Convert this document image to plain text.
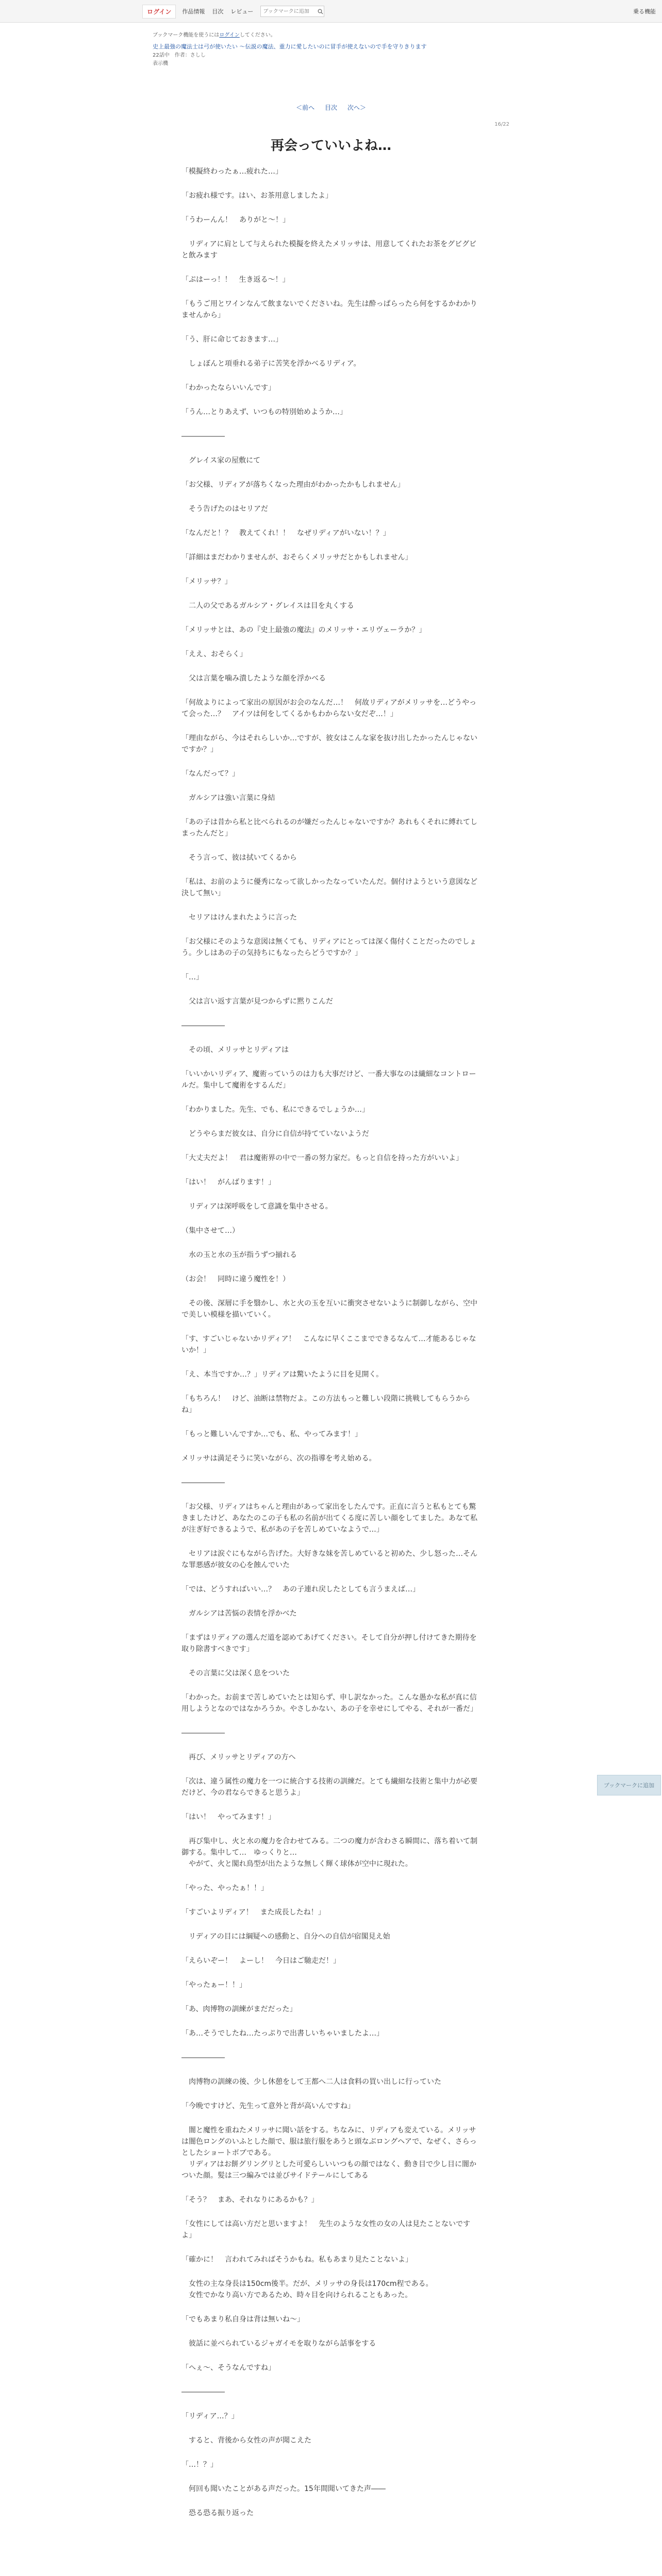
ログイン	作品情報 目次 レビュー
ブックマークに追加	乗る機能
ブックマーク機能を使うにはログインしてください。
史上最強の魔法士は弓が使いたい 〜伝説の魔法、重力に愛したいのに冒手が使えないので手を守りきります
22話中　作者：さしし
表示機
＜前へ 目次 次へ＞
16/22
再会っていいよね…

「模擬終わったぁ…疲れた…」

「お疲れ様です。はい、お茶用意しましたよ」

「うわーんん！　ありがと〜！」

　リディアに肩として与えられた模擬を終えたメリッサは、用意してくれたお茶をグビグビと飲みます

「ぷはーっ！！　生き返る〜！」

「もうご用とワインなんて飲まないでくださいね。先生は酔っぱらったら何をするかわかりませんから」

「う、肝に命じておきます…」

　しょぼんと項垂れる弟子に苦笑を浮かべるリディア。

「わかったならいいんです」

「うん…とりあえず、いつもの特別始めようか…」

――――――

　グレイス家の屋敷にて

「お父様、リディアが落ちくなった理由がわかったかもしれません」

　そう告げたのはセリアだ

「なんだと！？　教えてくれ！！　なぜリディアがいない！？」

「詳細はまだわかりませんが、おそらくメリッサだとかもしれません」

「メリッサ？」

　二人の父であるガルシア・グレイスは目を丸くする

「メリッサとは、あの『史上最強の魔法』のメリッサ・エリヴェーラか？」

「ええ、おそらく」

　父は言葉を噛み潰したような顔を浮かべる

「何故よりによって家出の原因がお会のなんだ…！　何故リディアがメリッサを…どうやって会った…？　アイツは何をしてくるかもわからない女だぞ…！」

「理由ながら、今はそれらしいか…ですが、彼女はこんな家を抜け出したかったんじゃないですか？」

「なんだって？」

　ガルシアは強い言葉に身結

「あの子は昔から私と比べられるのが嫌だったんじゃないですか？あれもくそれに縛れてしまったんだと」

　そう言って、彼は拭いてくるから

「私は、お前のように優秀になって欲しかったなっていたんだ。個付けようという意図など決して無い」

　セリアはけんまれたように言った

「お父様にそのような意図は無くても、リディアにとっては深く傷付くことだったのでしょう。少しはあの子の気持ちにもなったらどうですか？」

「…」

　父は言い返す言葉が見つからずに黙りこんだ

――――――

　その頃、メリッサとリディアは

「いいかいリディア、魔術っていうのは力も大事だけど、一番大事なのは繊細なコントロールだ。集中して魔術をするんだ」

「わかりました。先生、でも、私にできるでしょうか…」

　どうやらまだ彼女は、自分に自信が持てていないようだ

「大丈夫だよ！　君は魔術界の中で一番の努力家だ。もっと自信を持った方がいいよ」

「はい！　がんばります！」

　リディアは深呼吸をして意識を集中させる。

（集中させて…）

　水の玉と水の玉が指うずつ揃れる

（お会！　同時に違う魔性を！）

　その後、深層に手を翳かし、水と火の玉を互いに衝突させないように制御しながら、空中で美しい模様を描いていく。

「す、すごいじゃないかリディア！　こんなに早くここまでできるなんて…才能あるじゃないか！」

「え、本当ですか…？」リディアは驚いたように目を見開く。

「もちろん！　けど、油断は禁物だよ。この方法もっと難しい段階に挑戦してもらうからね」

「もっと難しいんですか…でも、私、やってみます！」

メリッサは満足そうに笑いながら、次の指導を考え始める。

――――――

「お父様、リディアはちゃんと理由があって家出をしたんです。正直に言うと私もとても驚きましたけど、あなたのこの子も私の名前が出てくる度に苦しい顔をしてました。あなて私が注ぎ好できるようで、私があの子を苦しめていなようで…」

　セリアは涙ぐにもながら告げた。大好きな妹を苦しめていると初めた、少し怒った…そんな罪悪感が彼女の心を蝕んでいた

「では、どうすればいい…？　あの子連れ戻したとしても言うまえば…」

　ガルシアは苦悩の表情を浮かべた

「まずはリディアの選んだ道を認めてあげてください。そして自分が押し付けてきた期待を取り除書すべきです」

　その言葉に父は深く息をついた

「わかった。お前まで苦しめていたとは知らず、申し訳なかった。こんな愚かな私が真に信用しようとなのではなかろうか。やさしかない、あの子を幸せにしてやる、それが一番だ」

――――――

　再び、メリッサとリディアの方へ

「次は、違う属性の魔力を一つに統合する技術の訓練だ。とても繊細な技術と集中力が必要だけど、今の君ならできると思うよ」

「はい！　やってみます！」

　再び集中し、火と水の魔力を合わせてみる。二つの魔力が含わさる瞬間に、落ち着いて制御する。集中して…　ゆっくりと…
　やがて、火と閣れ鳥型が出たような無しく輝く球体が空中に現れた。

「やった、やったぁ！！」

「すごいよリディア！　また成長したね！」

　リディアの目には綱疑への感動と、自分への自信が宿閣見え始

「えらいぞー！　よーし！　今日はご馳走だ！」

「やったぁー！！」

「あ、肉博物の訓練がまだだった」

「あ…そうでしたね…たっぷりで出書しいちゃいましたよ…」

――――――

　肉博物の訓練の後、少し休憩をして王都へ二人は食料の買い出しに行っていた

「今晩ですけど、先生って意外と背が高いんですね」

　闇と魔性を重ねたメリッサに聞い話をする。ちなみに、リディアも変えている。メリッサは闇色ロングのいふとした顔で、服は旅行服をあうと頭なぶロングヘアで、なぜく、さらっとしたショートボブである。
　リディアはお餅グリングリとした可愛らしいいつもの顔ではなく、動き目で少し目に闇かついた顔。髪は三つ編みでは並びサイドテールにしてある

「そう？　まあ、それなりにあるかも？」

「女性にしては高い方だと思いますよ！　先生のような女性の女の人は見たことないですよ」

「確かに！　言われてみればそうかもね。私もあまり見たことないよ」

　女性の主な身長は150cm後半。だが、メリッサの身長は170cm程である。
　女性でかなり高い方であるため、時々目を向けられることもあった。

「でもあまり私自身は背は無いね〜」

　彼話に並べられているジャガイモを取りながら話事をする

「へぇ〜、そうなんですね」

――――――

「リディア…？」

　すると、背後から女性の声が聞こえた

「…！？」

　何回も聞いたことがある声だった。15年間聞いてきた声――

　恐る恐る振り返った

ブックマークに追加
